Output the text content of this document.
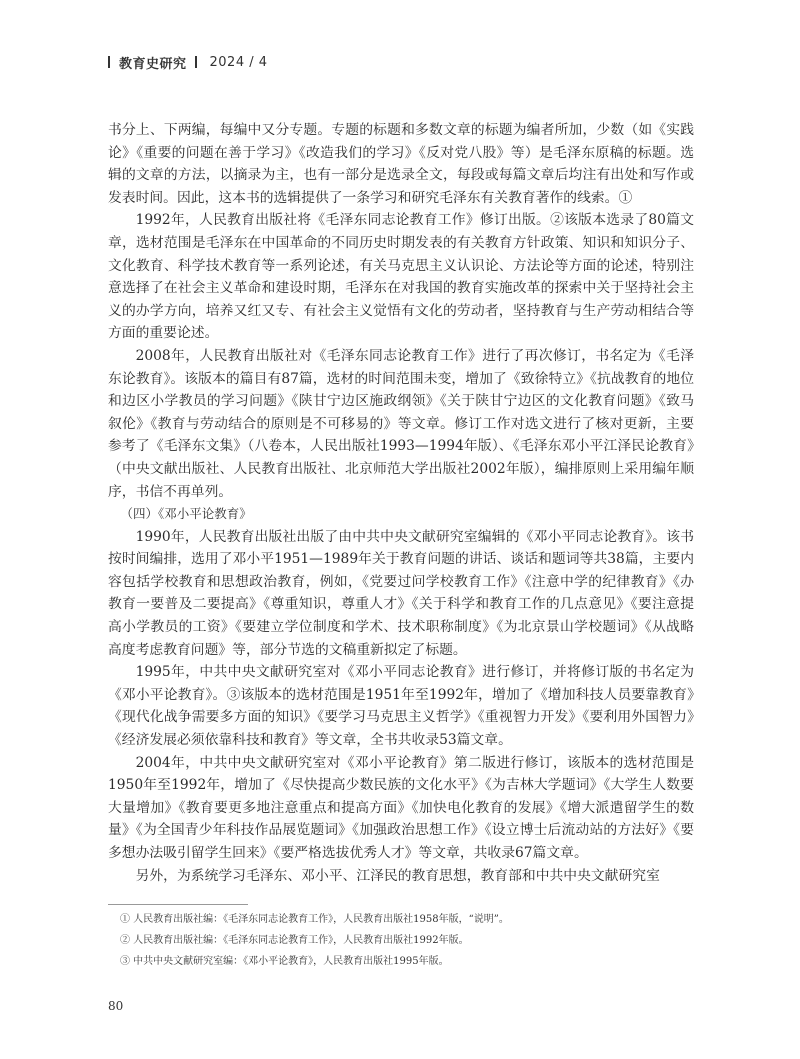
教育史研究 2024 / 4

书分上、下两编，每编中又分专题。专题的标题和多数文章的标题为编者所加，少数（如《实践论》《重要的问题在善于学习》《改造我们的学习》《反对党八股》等）是毛泽东原稿的标题。选辑的文章的方法，以摘录为主，也有一部分是选录全文，每段或每篇文章后均注有出处和写作或发表时间。因此，这本书的选辑提供了一条学习和研究毛泽东有关教育著作的线索。①

1992年，人民教育出版社将《毛泽东同志论教育工作》修订出版。②该版本选录了80篇文章，选材范围是毛泽东在中国革命的不同历史时期发表的有关教育方针政策、知识和知识分子、文化教育、科学技术教育等一系列论述，有关马克思主义认识论、方法论等方面的论述，特别注意选择了在社会主义革命和建设时期，毛泽东在对我国的教育实施改革的探索中关于坚持社会主义的办学方向，培养又红又专、有社会主义觉悟有文化的劳动者，坚持教育与生产劳动相结合等方面的重要论述。

2008年，人民教育出版社对《毛泽东同志论教育工作》进行了再次修订，书名定为《毛泽东论教育》。该版本的篇目有87篇，选材的时间范围未变，增加了《致徐特立》《抗战教育的地位和边区小学教员的学习问题》《陕甘宁边区施政纲领》《关于陕甘宁边区的文化教育问题》《致马叙伦》《教育与劳动结合的原则是不可移易的》等文章。修订工作对选文进行了核对更新，主要参考了《毛泽东文集》（八卷本，人民出版社1993—1994年版）、《毛泽东邓小平江泽民论教育》（中央文献出版社、人民教育出版社、北京师范大学出版社2002年版），编排原则上采用编年顺序，书信不再单列。

（四）《邓小平论教育》

1990年，人民教育出版社出版了由中共中央文献研究室编辑的《邓小平同志论教育》。该书按时间编排，选用了邓小平1951—1989年关于教育问题的讲话、谈话和题词等共38篇，主要内容包括学校教育和思想政治教育，例如，《党要过问学校教育工作》《注意中学的纪律教育》《办教育一要普及二要提高》《尊重知识，尊重人才》《关于科学和教育工作的几点意见》《要注意提高小学教员的工资》《要建立学位制度和学术、技术职称制度》《为北京景山学校题词》《从战略高度考虑教育问题》等，部分节选的文稿重新拟定了标题。

1995年，中共中央文献研究室对《邓小平同志论教育》进行修订，并将修订版的书名定为《邓小平论教育》。③该版本的选材范围是1951年至1992年，增加了《增加科技人员要靠教育》《现代化战争需要多方面的知识》《要学习马克思主义哲学》《重视智力开发》《要利用外国智力》《经济发展必须依靠科技和教育》等文章，全书共收录53篇文章。

2004年，中共中央文献研究室对《邓小平论教育》第二版进行修订，该版本的选材范围是1950年至1992年，增加了《尽快提高少数民族的文化水平》《为吉林大学题词》《大学生人数要大量增加》《教育要更多地注意重点和提高方面》《加快电化教育的发展》《增大派遣留学生的数量》《为全国青少年科技作品展览题词》《加强政治思想工作》《设立博士后流动站的方法好》《要多想办法吸引留学生回来》《要严格选拔优秀人才》等文章，共收录67篇文章。

另外，为系统学习毛泽东、邓小平、江泽民的教育思想，教育部和中共中央文献研究室

① 人民教育出版社编：《毛泽东同志论教育工作》，人民教育出版社1958年版，“说明”。

② 人民教育出版社编：《毛泽东同志论教育工作》，人民教育出版社1992年版。

③ 中共中央文献研究室编：《邓小平论教育》，人民教育出版社1995年版。

80
